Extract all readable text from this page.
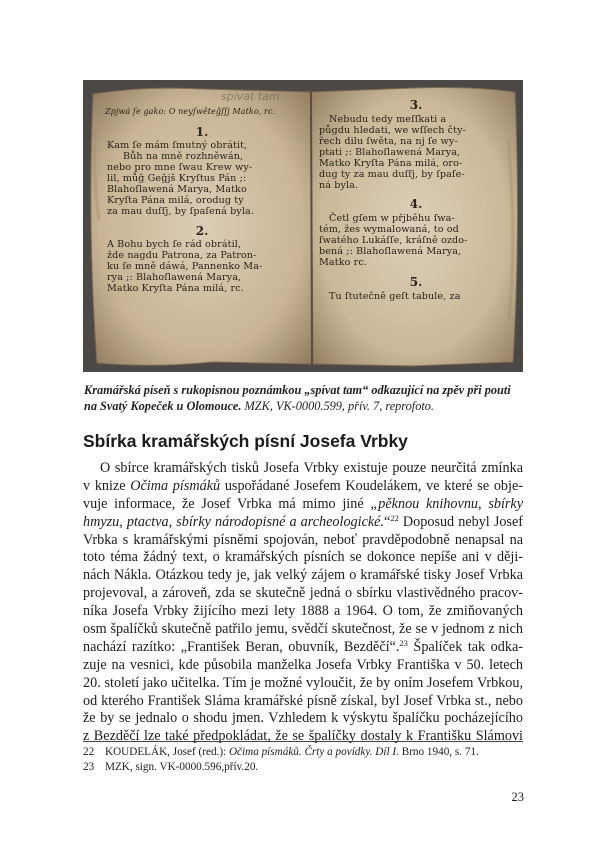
spívat tam
Zpjwá ſe gako: O neyſwěteǧſſj Matko, rc.
1.
Kam ſe mám ſmutný obrátit,
Bůh na mně rozhněwán,
nebo pro mne ſwau Krew wy-
lil, můǧ Geǧjš Kryſtus Pán ;:
Blahoſlawená Marya, Matko
Kryſta Pána milá, orodug ty
za mau duſſj, by ſpaſená byla.
2.
A Bohu bych ſe rád obrátil,
žde nagdu Patrona, za Patron-
ku ſe mně dáwá, Pannenko Ma-
rya ;: Blahoſlawená Marya,
Matko Kryſta Pána milá, rc.
3.
Nebudu tedy meſſkati a
půgdu hledati, we wſſech čty-
řech dilu ſwěta, na nj ſe wy-
ptati ;: Blahoſlawená Marya,
Matko Kryſta Pána milá, oro-
dug ty za mau duſſj, by ſpaſe-
ná byla.
4.
Četl gſem w přjběhu ſwa-
tém, žes wymalowaná, to od
ſwatého Lukáſſe, kráſně ozdo-
bená ;: Blahoſlawená Marya,
Matko rc.
5.
Tu ſtutečně geſt tabule, za
Kramářská píseň s rukopisnou poznámkou „spívat tam“ odkazující na zpěv při pouti na Svatý Kopeček u Olomouce. MZK, VK-0000.599, přív. 7, reprofoto.
Sbírka kramářských písní Josefa Vrbky
O sbírce kramářských tisků Josefa Vrbky existuje pouze neurčitá zmínka
v knize Očima písmáků uspořádané Josefem Koudelákem, ve které se obje-
vuje informace, že Josef Vrbka má mimo jiné „pěknou knihovnu, sbírky
hmyzu, ptactva, sbírky národopisné a archeologické.“$^{22}$ Doposud nebyl Josef
Vrbka s kramářskými písněmi spojován, neboť pravděpodobně nenapsal na
toto téma žádný text, o kramářských písních se dokonce nepíše ani v ději-
nách Nákla. Otázkou tedy je, jak velký zájem o kramářské tisky Josef Vrbka
projevoval, a zároveň, zda se skutečně jedná o sbírku vlastivědného pracov-
níka Josefa Vrbky žijícího mezi lety 1888 a 1964. O tom, že zmiňovaných
osm špalíčků skutečně patřilo jemu, svědčí skutečnost, že se v jednom z nich
nachází razítko: „František Beran, obuvník, Bezděčí“.$^{23}$ Špalíček tak odka-
zuje na vesnici, kde působila manželka Josefa Vrbky Františka v 50. letech
20. století jako učitelka. Tím je možné vyloučit, že by oním Josefem Vrbkou,
od kterého František Sláma kramářské písně získal, byl Josef Vrbka st., nebo
že by se jednalo o shodu jmen. Vzhledem k výskytu špalíčku pocházejícího
z Bezděčí lze také předpokládat, že se špalíčky dostaly k Františku Slámovi
22 KOUDELÁK, Josef (red.): Očima písmáků. Črty a povídky. Díl I. Brno 1940, s. 71.
23 MZK, sign. VK-0000.596,přív.20.
23
